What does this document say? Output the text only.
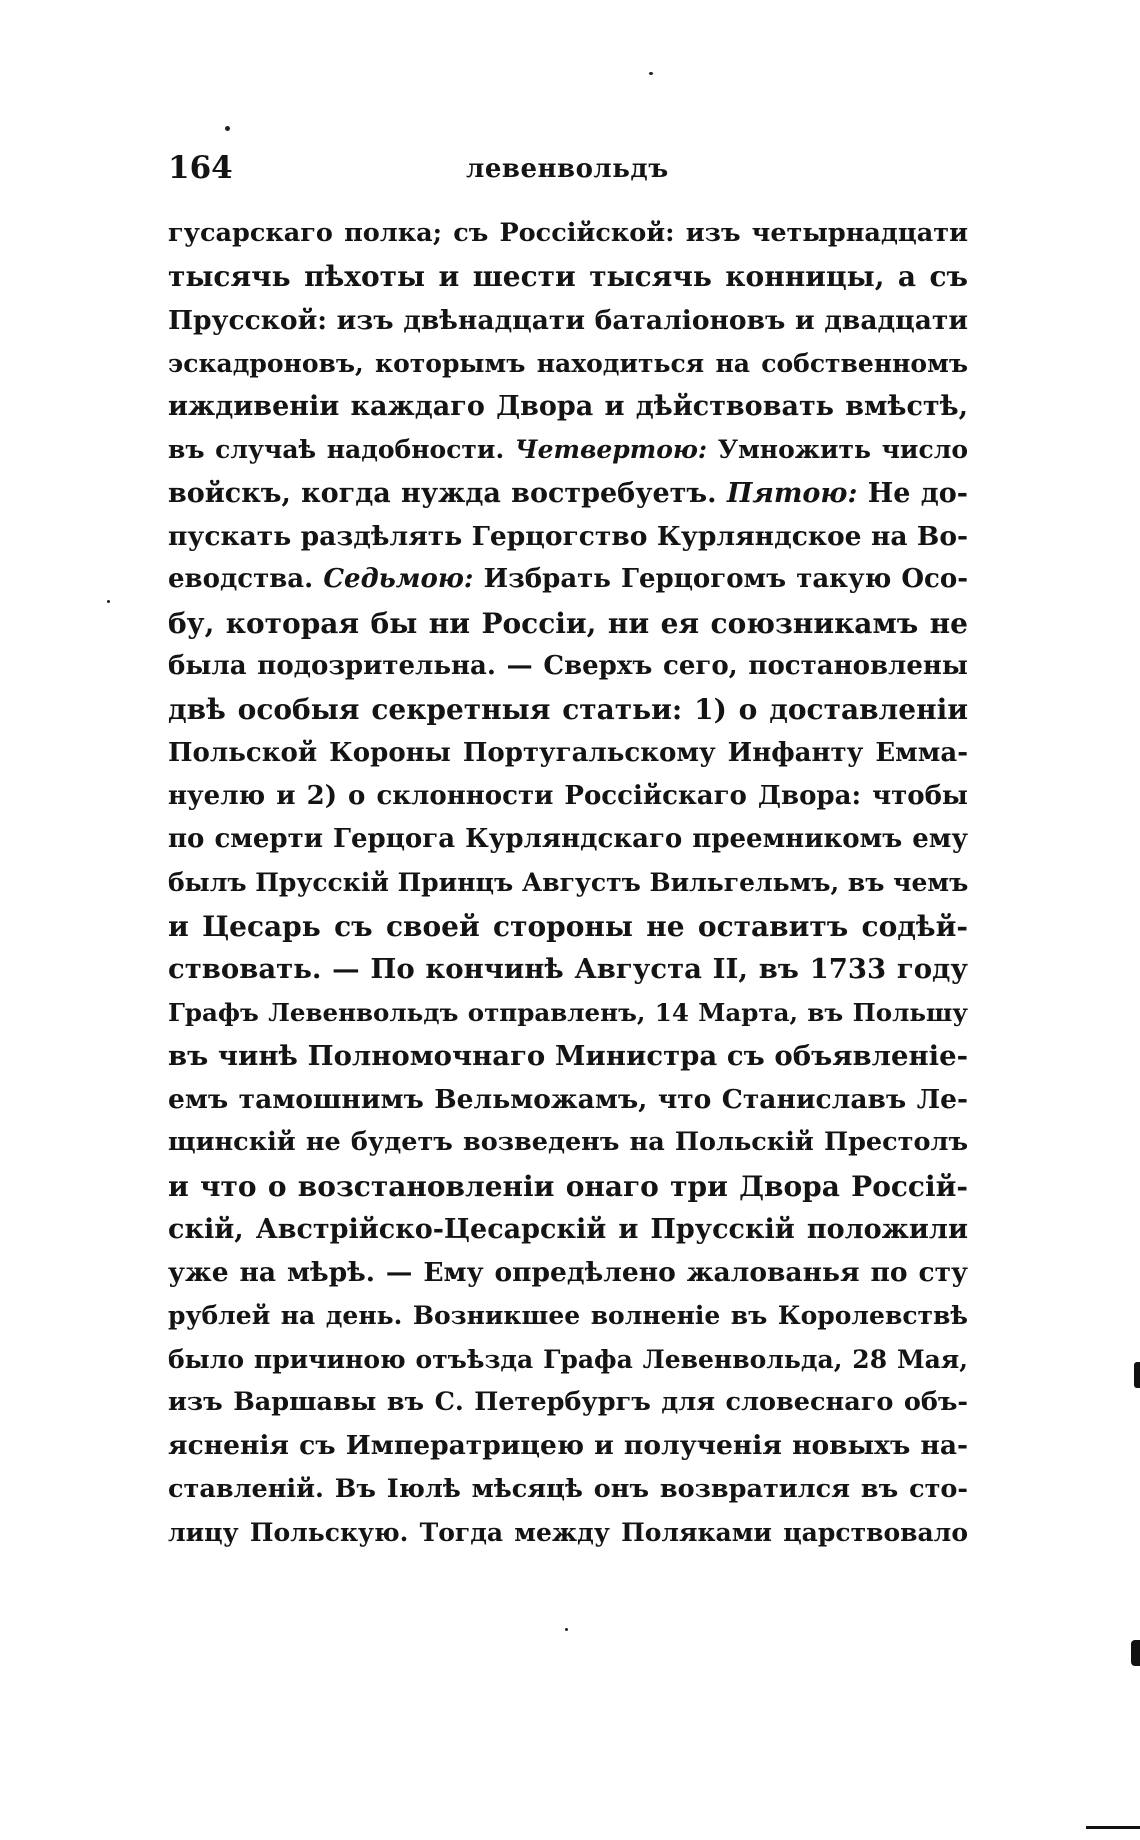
164	левенвольдъ
гусарскаго полка; съ Россійской: изъ четырнадцати
тысячь пѣхоты и шести тысячь конницы, а съ
Прусской: изъ двѣнадцати баталіоновъ и двадцати
эскадроновъ, которымъ находиться на собственномъ
иждивеніи каждаго Двора и дѣйствовать вмѣстѣ,
въ случаѣ надобности. Четвертою: Умножить число
войскъ, когда нужда востребуетъ. Пятою: Не до-
пускать раздѣлять Герцогство Курляндское на Во-
еводства. Седьмою: Избрать Герцогомъ такую Осо-
бу, которая бы ни Россіи, ни ея союзникамъ не
была подозрительна. — Сверхъ сего, постановлены
двѣ особыя секретныя статьи: 1) о доставленіи
Польской Короны Португальскому Инфанту Емма-
нуелю и 2) о склонности Россійскаго Двора: чтобы
по смерти Герцога Курляндскаго преемникомъ ему
былъ Прусскій Принцъ Августъ Вильгельмъ, въ чемъ
и Цесарь съ своей стороны не оставитъ содѣй-
ствовать. — По кончинѣ Августа II, въ 1733 году
Графъ Левенвольдъ отправленъ, 14 Марта, въ Польшу
въ чинѣ Полномочнаго Министра съ объявленіе-
емъ тамошнимъ Вельможамъ, что Станиславъ Ле-
щинскій не будетъ возведенъ на Польскій Престолъ
и что о возстановленіи онаго три Двора Россій-
скій, Австрійско-Цесарскій и Прусскій положили
уже на мѣрѣ. — Ему опредѣлено жалованья по сту
рублей на день. Возникшее волненіе въ Королевствѣ
было причиною отъѣзда Графа Левенвольда, 28 Мая,
изъ Варшавы въ С. Петербургъ для словеснаго объ-
ясненія съ Императрицею и полученія новыхъ на-
ставленій. Въ Іюлѣ мѣсяцѣ онъ возвратился въ сто-
лицу Польскую. Тогда между Поляками царствовало
